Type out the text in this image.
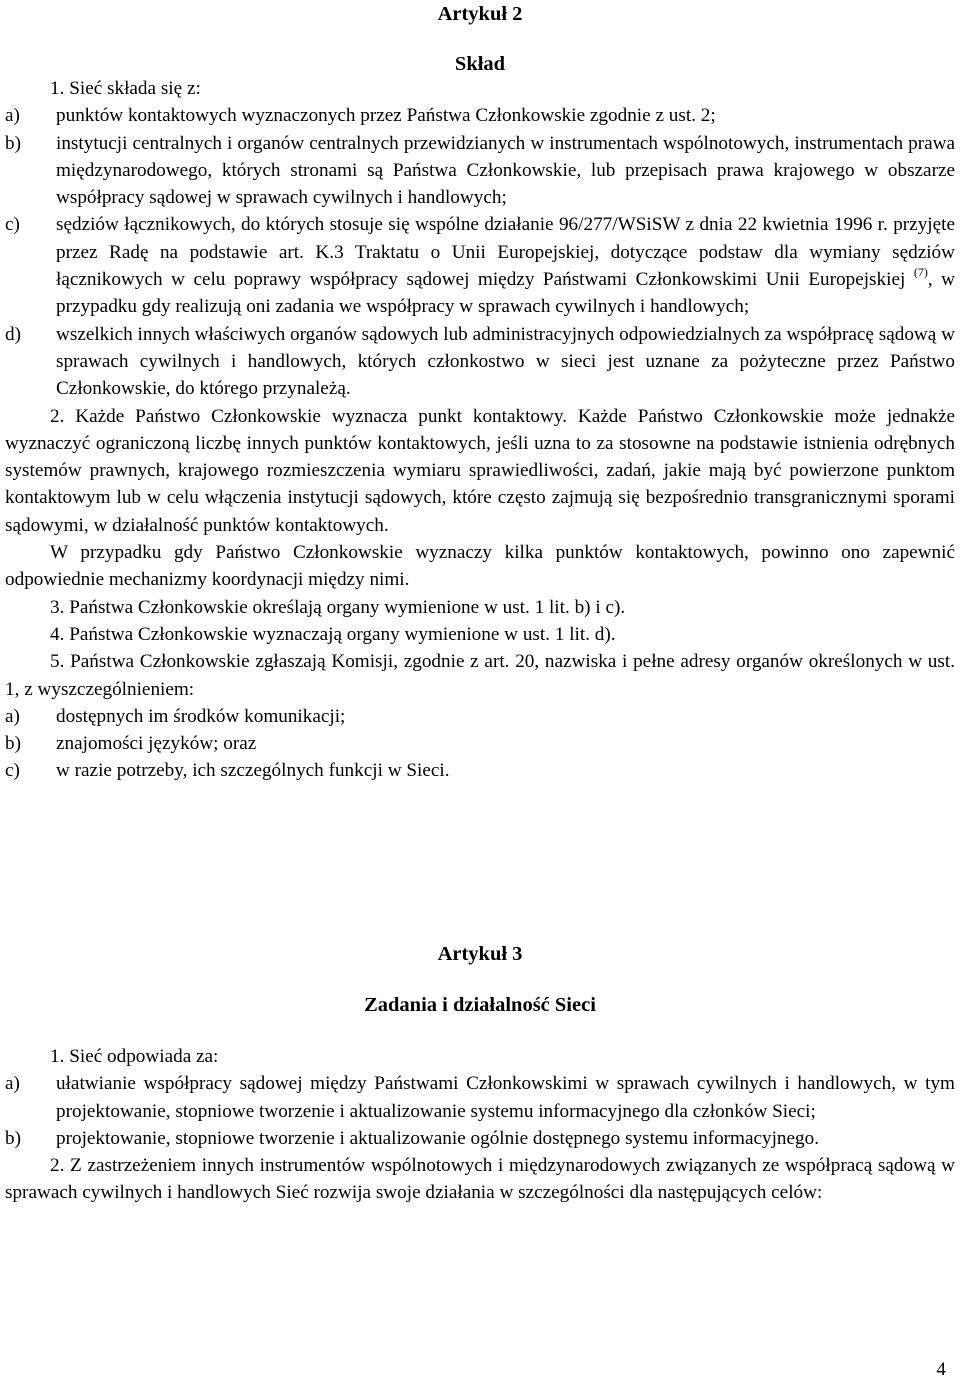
Artykuł 2
Skład
1. Sieć składa się z:
a)	punktów kontaktowych wyznaczonych przez Państwa Członkowskie zgodnie z ust. 2;
b)	instytucji centralnych i organów centralnych przewidzianych w instrumentach wspólnotowych, instrumentach prawa międzynarodowego, których stronami są Państwa Członkowskie, lub przepisach prawa krajowego w obszarze współpracy sądowej w sprawach cywilnych i handlowych;
c)	sędziów łącznikowych, do których stosuje się wspólne działanie 96/277/WSiSW z dnia 22 kwietnia 1996 r. przyjęte przez Radę na podstawie art. K.3 Traktatu o Unii Europejskiej, dotyczące podstaw dla wymiany sędziów łącznikowych w celu poprawy współpracy sądowej między Państwami Członkowskimi Unii Europejskiej $^{(7)}$, w przypadku gdy realizują oni zadania we współpracy w sprawach cywilnych i handlowych;
d)	wszelkich innych właściwych organów sądowych lub administracyjnych odpowiedzialnych za współpracę sądową w sprawach cywilnych i handlowych, których członkostwo w sieci jest uznane za pożyteczne przez Państwo Członkowskie, do którego przynależą.
2. Każde Państwo Członkowskie wyznacza punkt kontaktowy. Każde Państwo Członkowskie może jednakże wyznaczyć ograniczoną liczbę innych punktów kontaktowych, jeśli uzna to za stosowne na podstawie istnienia odrębnych systemów prawnych, krajowego rozmieszczenia wymiaru sprawiedliwości, zadań, jakie mają być powierzone punktom kontaktowym lub w celu włączenia instytucji sądowych, które często zajmują się bezpośrednio transgranicznymi sporami sądowymi, w działalność punktów kontaktowych.
W przypadku gdy Państwo Członkowskie wyznaczy kilka punktów kontaktowych, powinno ono zapewnić odpowiednie mechanizmy koordynacji między nimi.
3. Państwa Członkowskie określają organy wymienione w ust. 1 lit. b) i c).
4. Państwa Członkowskie wyznaczają organy wymienione w ust. 1 lit. d).
5. Państwa Członkowskie zgłaszają Komisji, zgodnie z art. 20, nazwiska i pełne adresy organów określonych w ust. 1, z wyszczególnieniem:
a)	dostępnych im środków komunikacji;
b)	znajomości języków; oraz
c)	w razie potrzeby, ich szczególnych funkcji w Sieci.
Artykuł 3
Zadania i działalność Sieci
1. Sieć odpowiada za:
a)	ułatwianie współpracy sądowej między Państwami Członkowskimi w sprawach cywilnych i handlowych, w tym projektowanie, stopniowe tworzenie i aktualizowanie systemu informacyjnego dla członków Sieci;
b)	projektowanie, stopniowe tworzenie i aktualizowanie ogólnie dostępnego systemu informacyjnego.
2. Z zastrzeżeniem innych instrumentów wspólnotowych i międzynarodowych związanych ze współpracą sądową w sprawach cywilnych i handlowych Sieć rozwija swoje działania w szczególności dla następujących celów:
4
